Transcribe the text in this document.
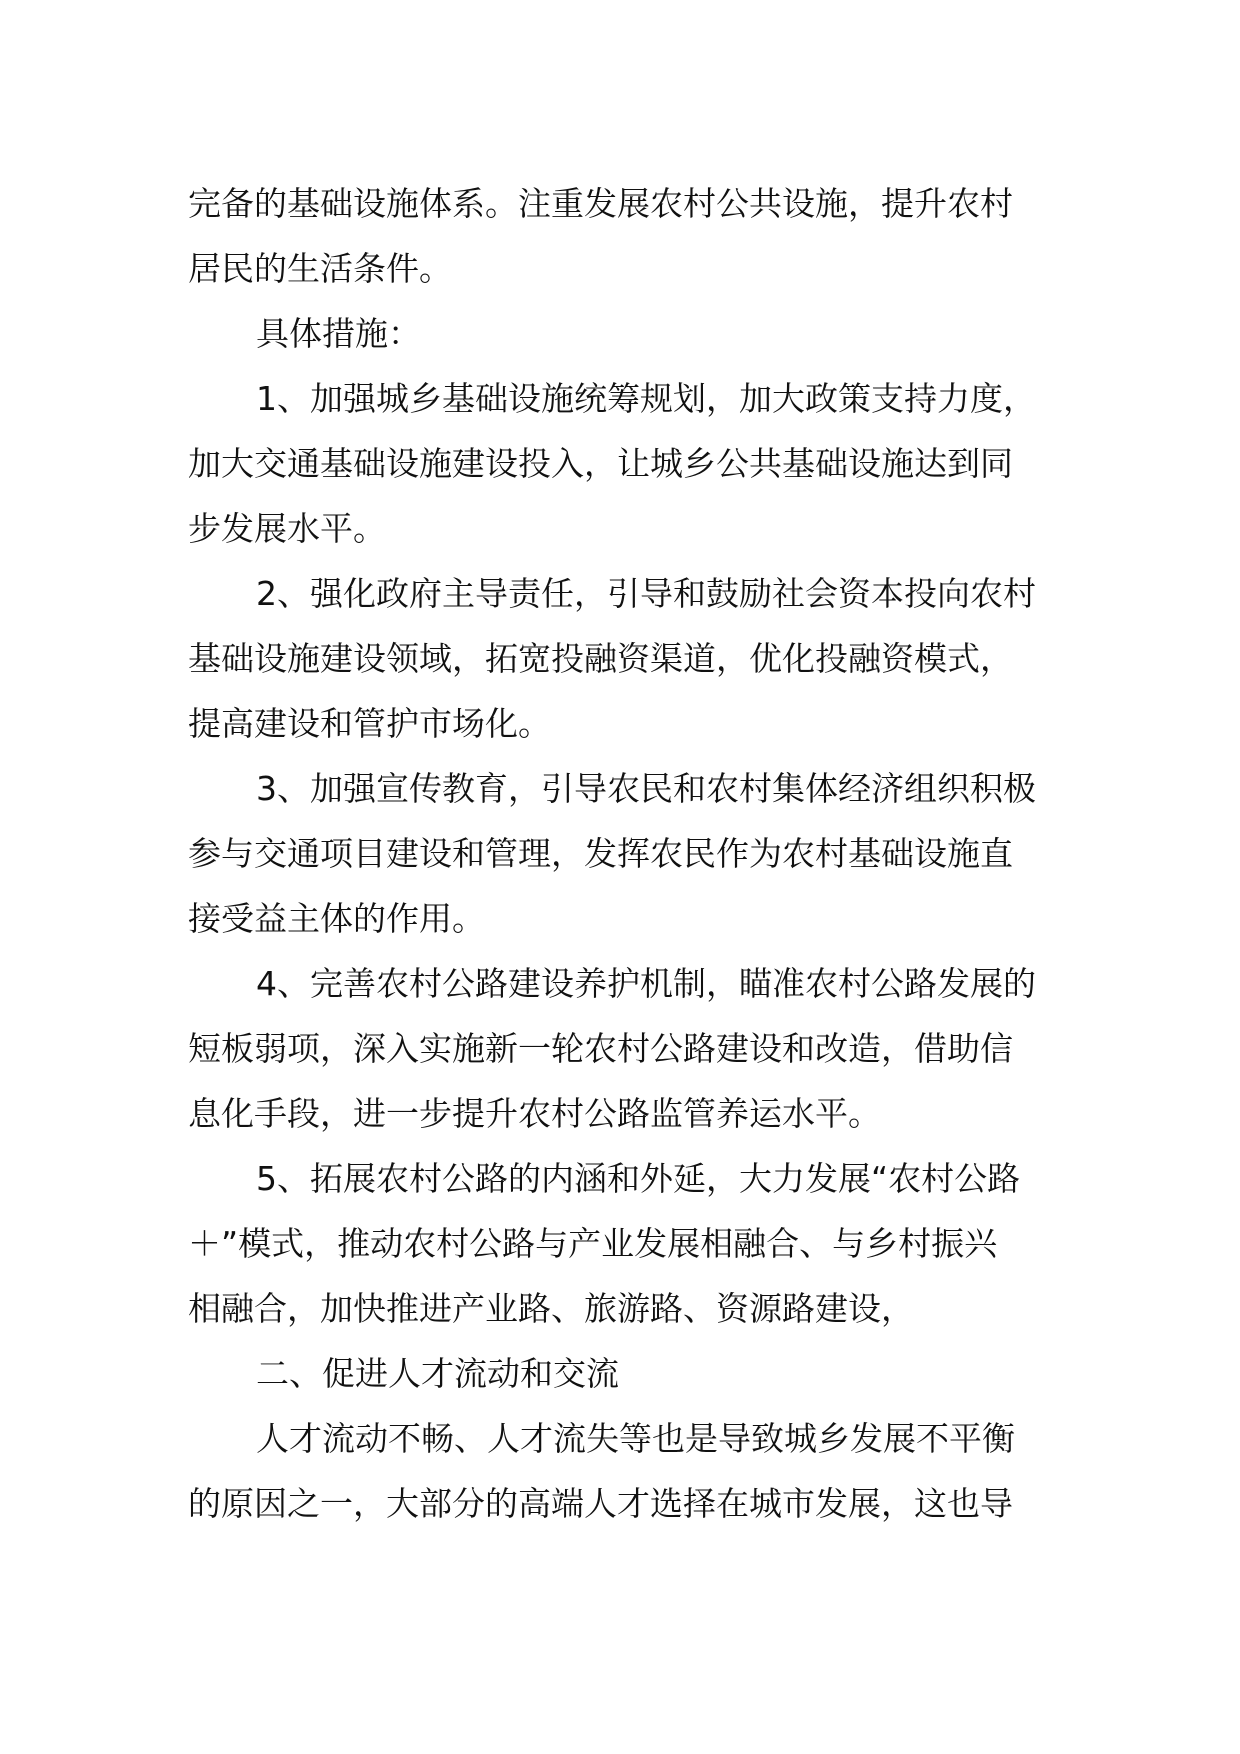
完备的基础设施体系。注重发展农村公共设施，提升农村
居民的生活条件。
具体措施：
1、加强城乡基础设施统筹规划，加大政策支持力度，
加大交通基础设施建设投入，让城乡公共基础设施达到同
步发展水平。
2、强化政府主导责任，引导和鼓励社会资本投向农村
基础设施建设领域，拓宽投融资渠道，优化投融资模式，
提高建设和管护市场化。
3、加强宣传教育，引导农民和农村集体经济组织积极
参与交通项目建设和管理，发挥农民作为农村基础设施直
接受益主体的作用。
4、完善农村公路建设养护机制，瞄准农村公路发展的
短板弱项，深入实施新一轮农村公路建设和改造，借助信
息化手段，进一步提升农村公路监管养运水平。
5、拓展农村公路的内涵和外延，大力发展“农村公路
＋”模式，推动农村公路与产业发展相融合、与乡村振兴
相融合，加快推进产业路、旅游路、资源路建设，
二、促进人才流动和交流
人才流动不畅、人才流失等也是导致城乡发展不平衡
的原因之一，大部分的高端人才选择在城市发展，这也导
